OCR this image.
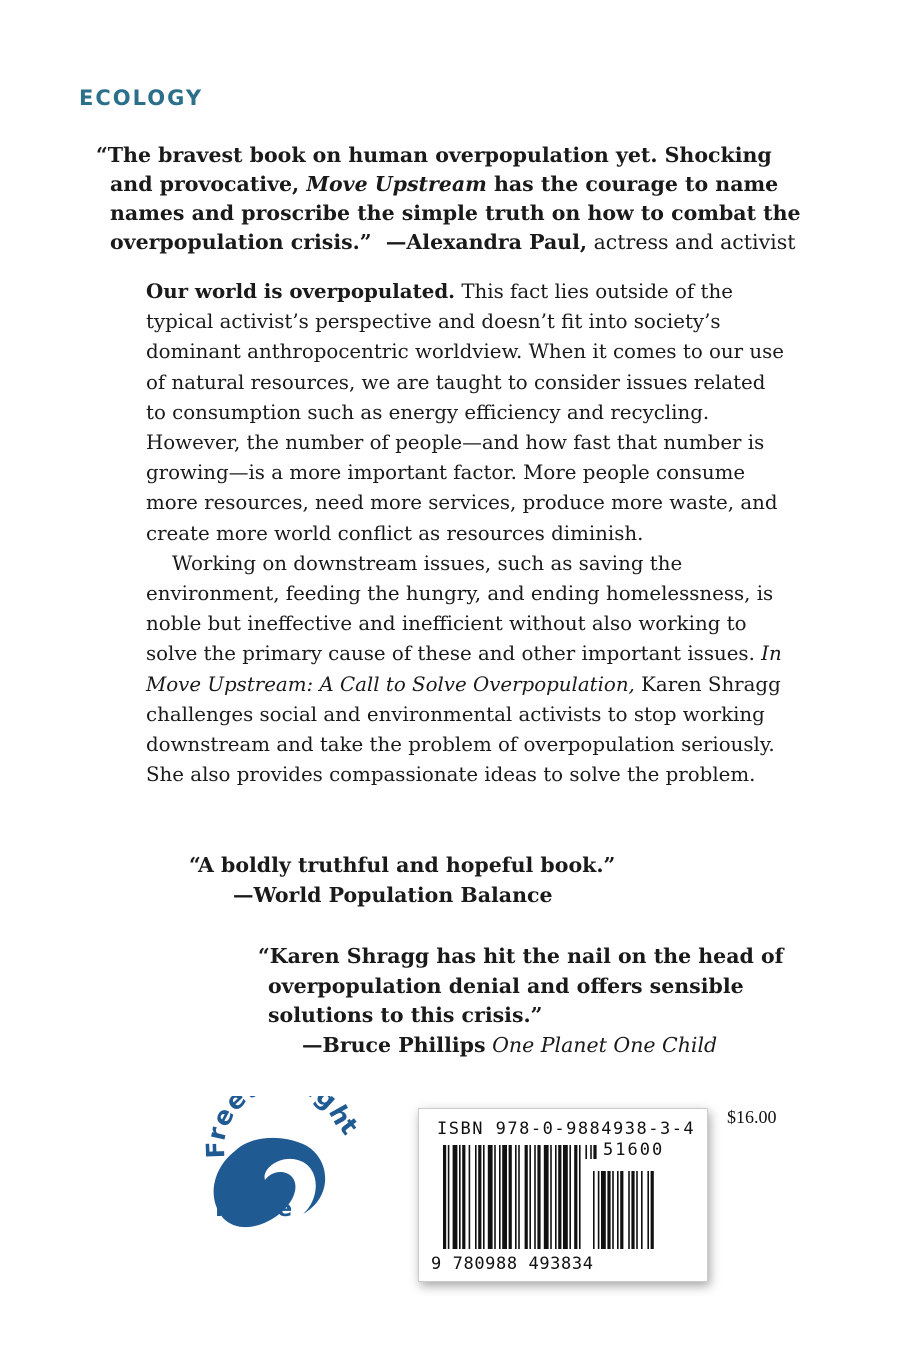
ECOLOGY
“The bravest book on human overpopulation yet. Shocking and provocative, Move Upstream has the courage to name names and proscribe the simple truth on how to combat the overpopulation crisis.” —Alexandra Paul, actress and activist

Our world is overpopulated. This fact lies outside of the typical activist’s perspective and doesn’t fit into society’s dominant anthropocentric worldview. When it comes to our use of natural resources, we are taught to consider issues related to consumption such as energy efficiency and recycling. However, the number of people—and how fast that number is growing—is a more important factor. More people consume more resources, need more services, produce more waste, and create more world conflict as resources diminish.

Working on downstream issues, such as saving the environment, feeding the hungry, and ending homelessness, is noble but ineffective and inefficient without also working to solve the primary cause of these and other important issues. In Move Upstream: A Call to Solve Overpopulation, Karen Shragg challenges social and environmental activists to stop working downstream and take the problem of overpopulation seriously. She also provides compassionate ideas to solve the problem.

“A boldly truthful and hopeful book.”
—World Population Balance
“Karen Shragg has hit the nail on the head of overpopulation denial and offers sensible solutions to this crisis.”
—Bruce Phillips One Planet One Child
Free ght
House
ISBN 978-0-9884938-3-4
51600
9 780988 493834
$16.00
